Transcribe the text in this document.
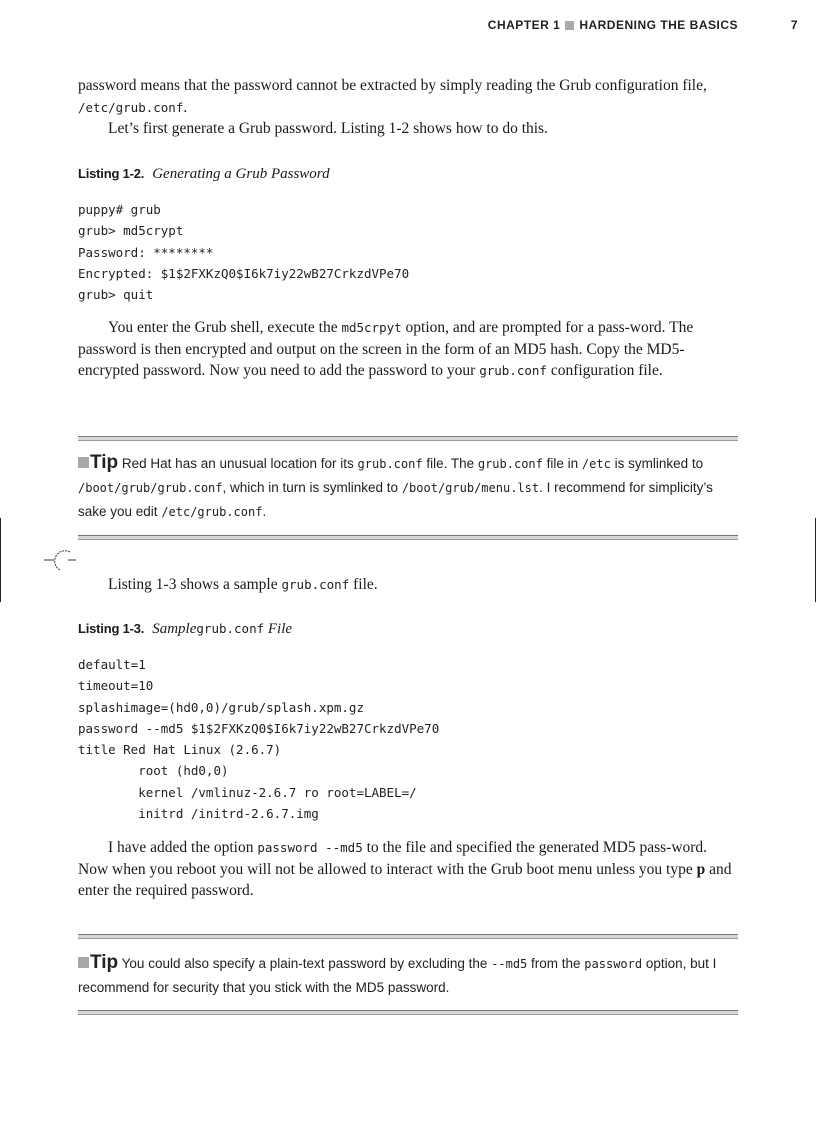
CHAPTER 1 HARDENING THE BASICS	7

password means that the password cannot be extracted by simply reading the Grub configuration file, /etc/grub.conf.

Let’s first generate a Grub password. Listing 1-2 shows how to do this.

Listing 1-2. Generating a Grub Password
puppy# grub
grub> md5crypt
Password: ********
Encrypted: $1$2FXKzQ0$I6k7iy22wB27CrkzdVPe70
grub> quit

You enter the Grub shell, execute the md5crpyt option, and are prompted for a pass-word. The password is then encrypted and output on the screen in the form of an MD5 hash. Copy the MD5-encrypted password. Now you need to add the password to your grub.conf configuration file.

Tip Red Hat has an unusual location for its grub.conf file. The grub.conf file in /etc is symlinked to /boot/grub/grub.conf, which in turn is symlinked to /boot/grub/menu.lst. I recommend for simplicity’s sake you edit /etc/grub.conf.

Listing 1-3 shows a sample grub.conf file.

Listing 1-3. Samplegrub.conf File
default=1
timeout=10
splashimage=(hd0,0)/grub/splash.xpm.gz
password --md5 $1$2FXKzQ0$I6k7iy22wB27CrkzdVPe70
title Red Hat Linux (2.6.7)
root (hd0,0)
kernel /vmlinuz-2.6.7 ro root=LABEL=/
initrd /initrd-2.6.7.img

I have added the option password --md5 to the file and specified the generated MD5 pass-word. Now when you reboot you will not be allowed to interact with the Grub boot menu unless you type p and enter the required password.

Tip You could also specify a plain-text password by excluding the --md5 from the password option, but I recommend for security that you stick with the MD5 password.
